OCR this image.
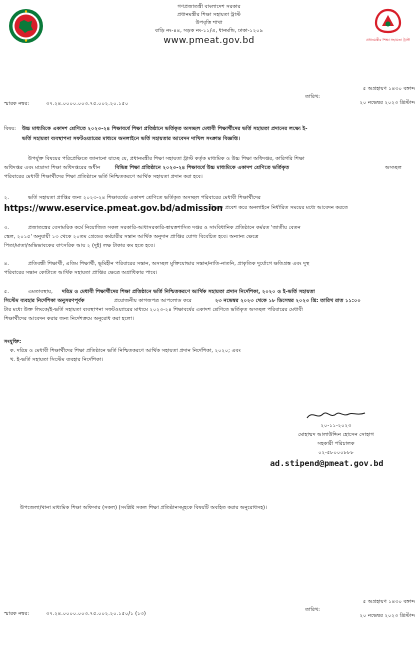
গণপ্রজাতন্ত্রী বাংলাদেশ সরকার
প্রধানমন্ত্রীর শিক্ষা সহায়তা ট্রাস্ট
উপবৃত্তি শাখা
বাড়ি নং-৪৪, সড়ক নং-১১/এ, ধানমন্ডি, ঢাকা-১২০৯
www.pmeat.gov.bd	প্রধানমন্ত্রীর শিক্ষা সহায়তা ট্রাস্ট
৫ অগ্রহায়ণ ১৪৩০ বঙ্গাব্দ
তারিখ:
২০ নভেম্বর ২০২৩ খ্রিস্টাব্দ
স্মারক নম্বর:	৩৭.২৪.০০০০.০০৩.৭৫.০০২.২০.১৫০
বিষয়: উচ্চ মাধ্যমিকে একাদশ শ্রেণিতে ২০২৩-২৪ শিক্ষাবর্ষে শিক্ষা প্রতিষ্ঠানে ভর্তিকৃত অসচ্ছল মেধাবী শিক্ষার্থীদের ভর্তি সহায়তা প্রদানের লক্ষ্যে ই-
ভর্তি সহায়তা ব্যবস্থাপনা সফটওয়্যারের মাধ্যমে অনলাইনে ভর্তি সহায়তার আবেদন দাখিল সংক্রান্ত বিজ্ঞপ্তি।
উপর্যুক্ত বিষয়ের পরিপ্রেক্ষিতে জানানো যাচ্ছে যে, প্রধানমন্ত্রীর শিক্ষা সহায়তা ট্রাস্ট কর্তৃক মাধ্যমিক ও উচ্চ শিক্ষা অধিদপ্তর, কারিগরি শিক্ষা
অধিদপ্তর এবং মাদ্রাসা শিক্ষা অধিদপ্তরের অধীন	বিভিন্ন শিক্ষা প্রতিষ্ঠানে ২০২৩-২৪ শিক্ষাবর্ষে উচ্চ মাধ্যমিকে একাদশ শ্রেণিতে ভর্তিকৃত	অসচ্ছল
পরিবারের মেধাবী শিক্ষার্থীদের শিক্ষা প্রতিষ্ঠানে ভর্তি নিশ্চিতকরণে আর্থিক সহায়তা প্রদান করা হবে।
২.	ভর্তি সহায়তা প্রাপ্তির জন্য ২০২৩-২৪ শিক্ষাবর্ষের একাদশ শ্রেণিতে ভর্তিকৃত অসচ্ছল পরিবারের মেধাবী শিক্ষার্থীদের
https://www.eservice.pmeat.gov.bd/admission
লিংকে প্রবেশ করে অনলাইনে নির্ধারিত সময়ের মধ্যে আবেদন করতে
৩.	প্রজাতন্ত্রের বেসামরিক কর্মে নিয়োজিত সকল সরকারি-আধাসরকারি-স্বায়ত্তশাসিত দপ্তর ও সাংবিধানিক প্রতিষ্ঠানে কর্মরত 'জাতীয় বেতন
স্কেল, ২০১৫' অনুযায়ী ১৩ থেকে ২০তম গ্রেডের কর্মচারীর সন্তান আর্থিক অনুদান প্রাপ্তির যোগ্য বিবেচিত হবে। অন্যান্য ক্ষেত্রে
পিতা/মাতা/অভিভাবকের বাৎসরিক আয় ২ (দুই) লক্ষ টাকার কম হতে হবে।
৪.	প্রতিবন্ধী শিক্ষার্থী, এতিম শিক্ষার্থী, ভূমিহীন পরিবারের সন্তান, অসচ্ছল মুক্তিযোদ্ধার সন্তান/নাতি-নাতনি, প্রাকৃতিক দুর্যোগে ক্ষতিগ্রস্ত এবং দুস্থ
পরিবারের সন্তান কোটাতে আর্থিক সহায়তা প্রাপ্তির ক্ষেত্রে অগ্রাধিকার পাবে।
৫.	এমতাবস্থায়, দরিদ্র ও মেধাবী শিক্ষার্থীদের শিক্ষা প্রতিষ্ঠানে ভর্তি নিশ্চিতকরণে আর্থিক সহায়তা প্রদান নির্দেশিকা, ২০২০ ও ই-ভর্তি সহায়তা
সিস্টেম ব্যবহার নির্দেশিকা অনুসরণপূর্বক	প্রয়োজনীয় কাগজপত্র আপলোড করে	২৩ নভেম্বর ২০২৩ থেকে ১৮ ডিসেম্বর ২০২৩ খ্রি: তারিখ রাত ১১:০০
টার মধ্যে উক্ত লিংকে/ই-ভর্তি সহায়তা ব্যবস্থাপনা সফটওয়্যারের মাধ্যমে ২০২৩-২৪ শিক্ষাবর্ষের একাদশ শ্রেণিতে ভর্তিকৃত অসচ্ছল পরিবারের মেধাবী
শিক্ষার্থীদের আবেদন করার জন্য নির্দেশক্রমে অনুরোধ করা হলো।
সংযুক্তি:
ক. দরিদ্র ও মেধাবী শিক্ষার্থীদের শিক্ষা প্রতিষ্ঠানে ভর্তি নিশ্চিতকরণে আর্থিক সহায়তা প্রদান নির্দেশিকা, ২০২০; এবং
খ. ই-ভর্তি সহায়তা সিস্টেম ব্যবহার নির্দেশিকা।
২০-১১-২০২৩
মোহাম্মদ আলাউদ্দিন হোসেন সোহাগ
সহকারী পরিচালক
০২-৫৮০০০৮৮৮
ad.stipend@pmeat.gov.bd
উপজেলা/থানা মাধ্যমিক শিক্ষা অফিসার (সকল) (সংশ্লিষ্ট সকল শিক্ষা প্রতিষ্ঠানসমূহকে বিষয়টি অবহিত করার অনুরোধসহ)।
৫ অগ্রহায়ণ ১৪৩০ বঙ্গাব্দ
তারিখ:
২০ নভেম্বর ২০২৩ খ্রিস্টাব্দ
স্মারক নম্বর:	৩৭.২৪.০০০০.০০৩.৭৫.০০২.২০.১৫০/১ (১৩)
